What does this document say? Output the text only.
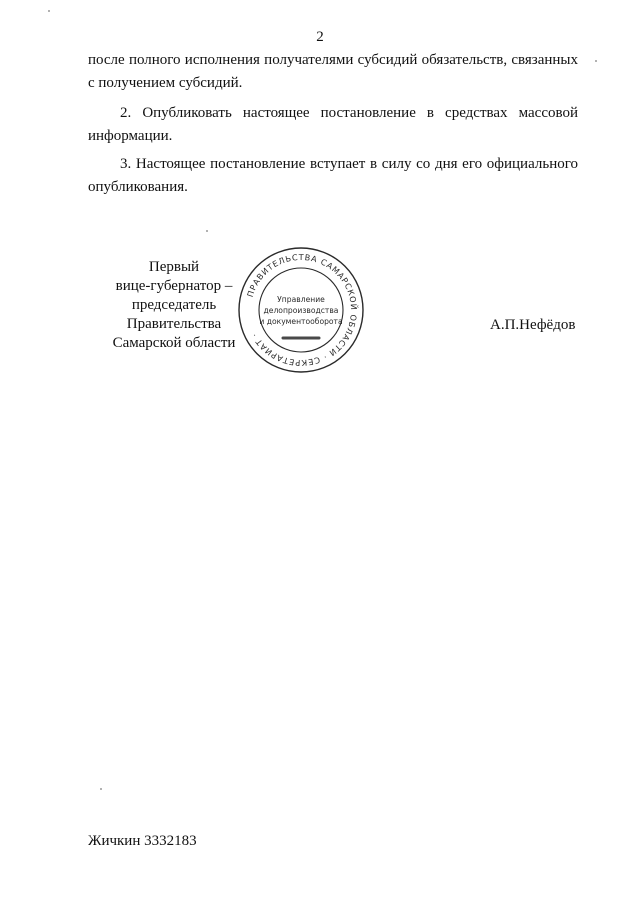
2
после полного исполнения получателями субсидий обязательств, связанных с получением субсидий.
2. Опубликовать настоящее постановление в средствах массовой информации.
3. Настоящее постановление вступает в силу со дня его официального опубликования.
Первый
вице-губернатор –
председатель Правительства
Самарской области
ПРАВИТЕЛЬСТВА САМАРСКОЙ ОБЛАСТИ · СЕКРЕТАРИАТ ·
Управление
делопроизводства
и документооборота	А.П.Нефёдов
Жичкин 3332183
